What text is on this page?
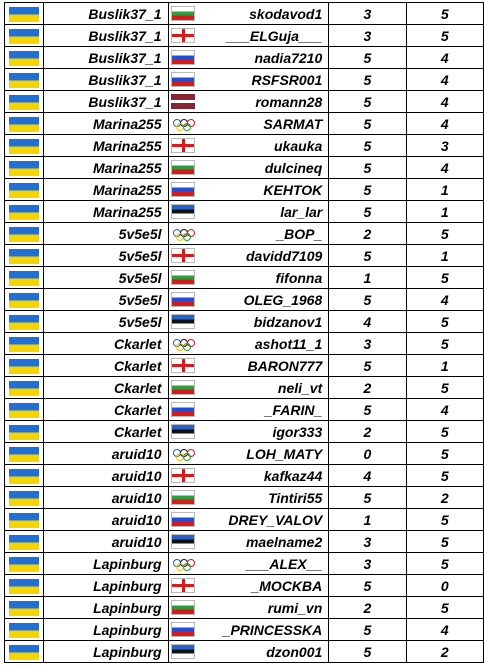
	Buslik37_1	skodavod1	3	5
	Buslik37_1	___ELGuja___	3	5
	Buslik37_1	nadia7210	5	4
	Buslik37_1	RSFSR001	5	4
	Buslik37_1	romann28	5	4
	Marina255	SARMAT	5	4
	Marina255	ukauka	5	3
	Marina255	dulcineq	5	4
	Marina255	KEHTOK	5	1
	Marina255	lar_lar	5	1
	5v5e5l	_BOP_	2	5
	5v5e5l	davidd7109	5	1
	5v5e5l	fifonna	1	5
	5v5e5l	OLEG_1968	5	4
	5v5e5l	bidzanov1	4	5
	Ckarlet	ashot11_1	3	5
	Ckarlet	BARON777	5	1
	Ckarlet	neli_vt	2	5
	Ckarlet	_FARIN_	5	4
	Ckarlet	igor333	2	5
	aruid10	LOH_MATY	0	5
	aruid10	kafkaz44	4	5
	aruid10	Tintiri55	5	2
	aruid10	DREY_VALOV	1	5
	aruid10	maelname2	3	5
	Lapinburg	___ALEX__	3	5
	Lapinburg	_MOCKBA	5	0
	Lapinburg	rumi_vn	2	5
	Lapinburg	_PRINCESSKA	5	4
	Lapinburg	dzon001	5	2
